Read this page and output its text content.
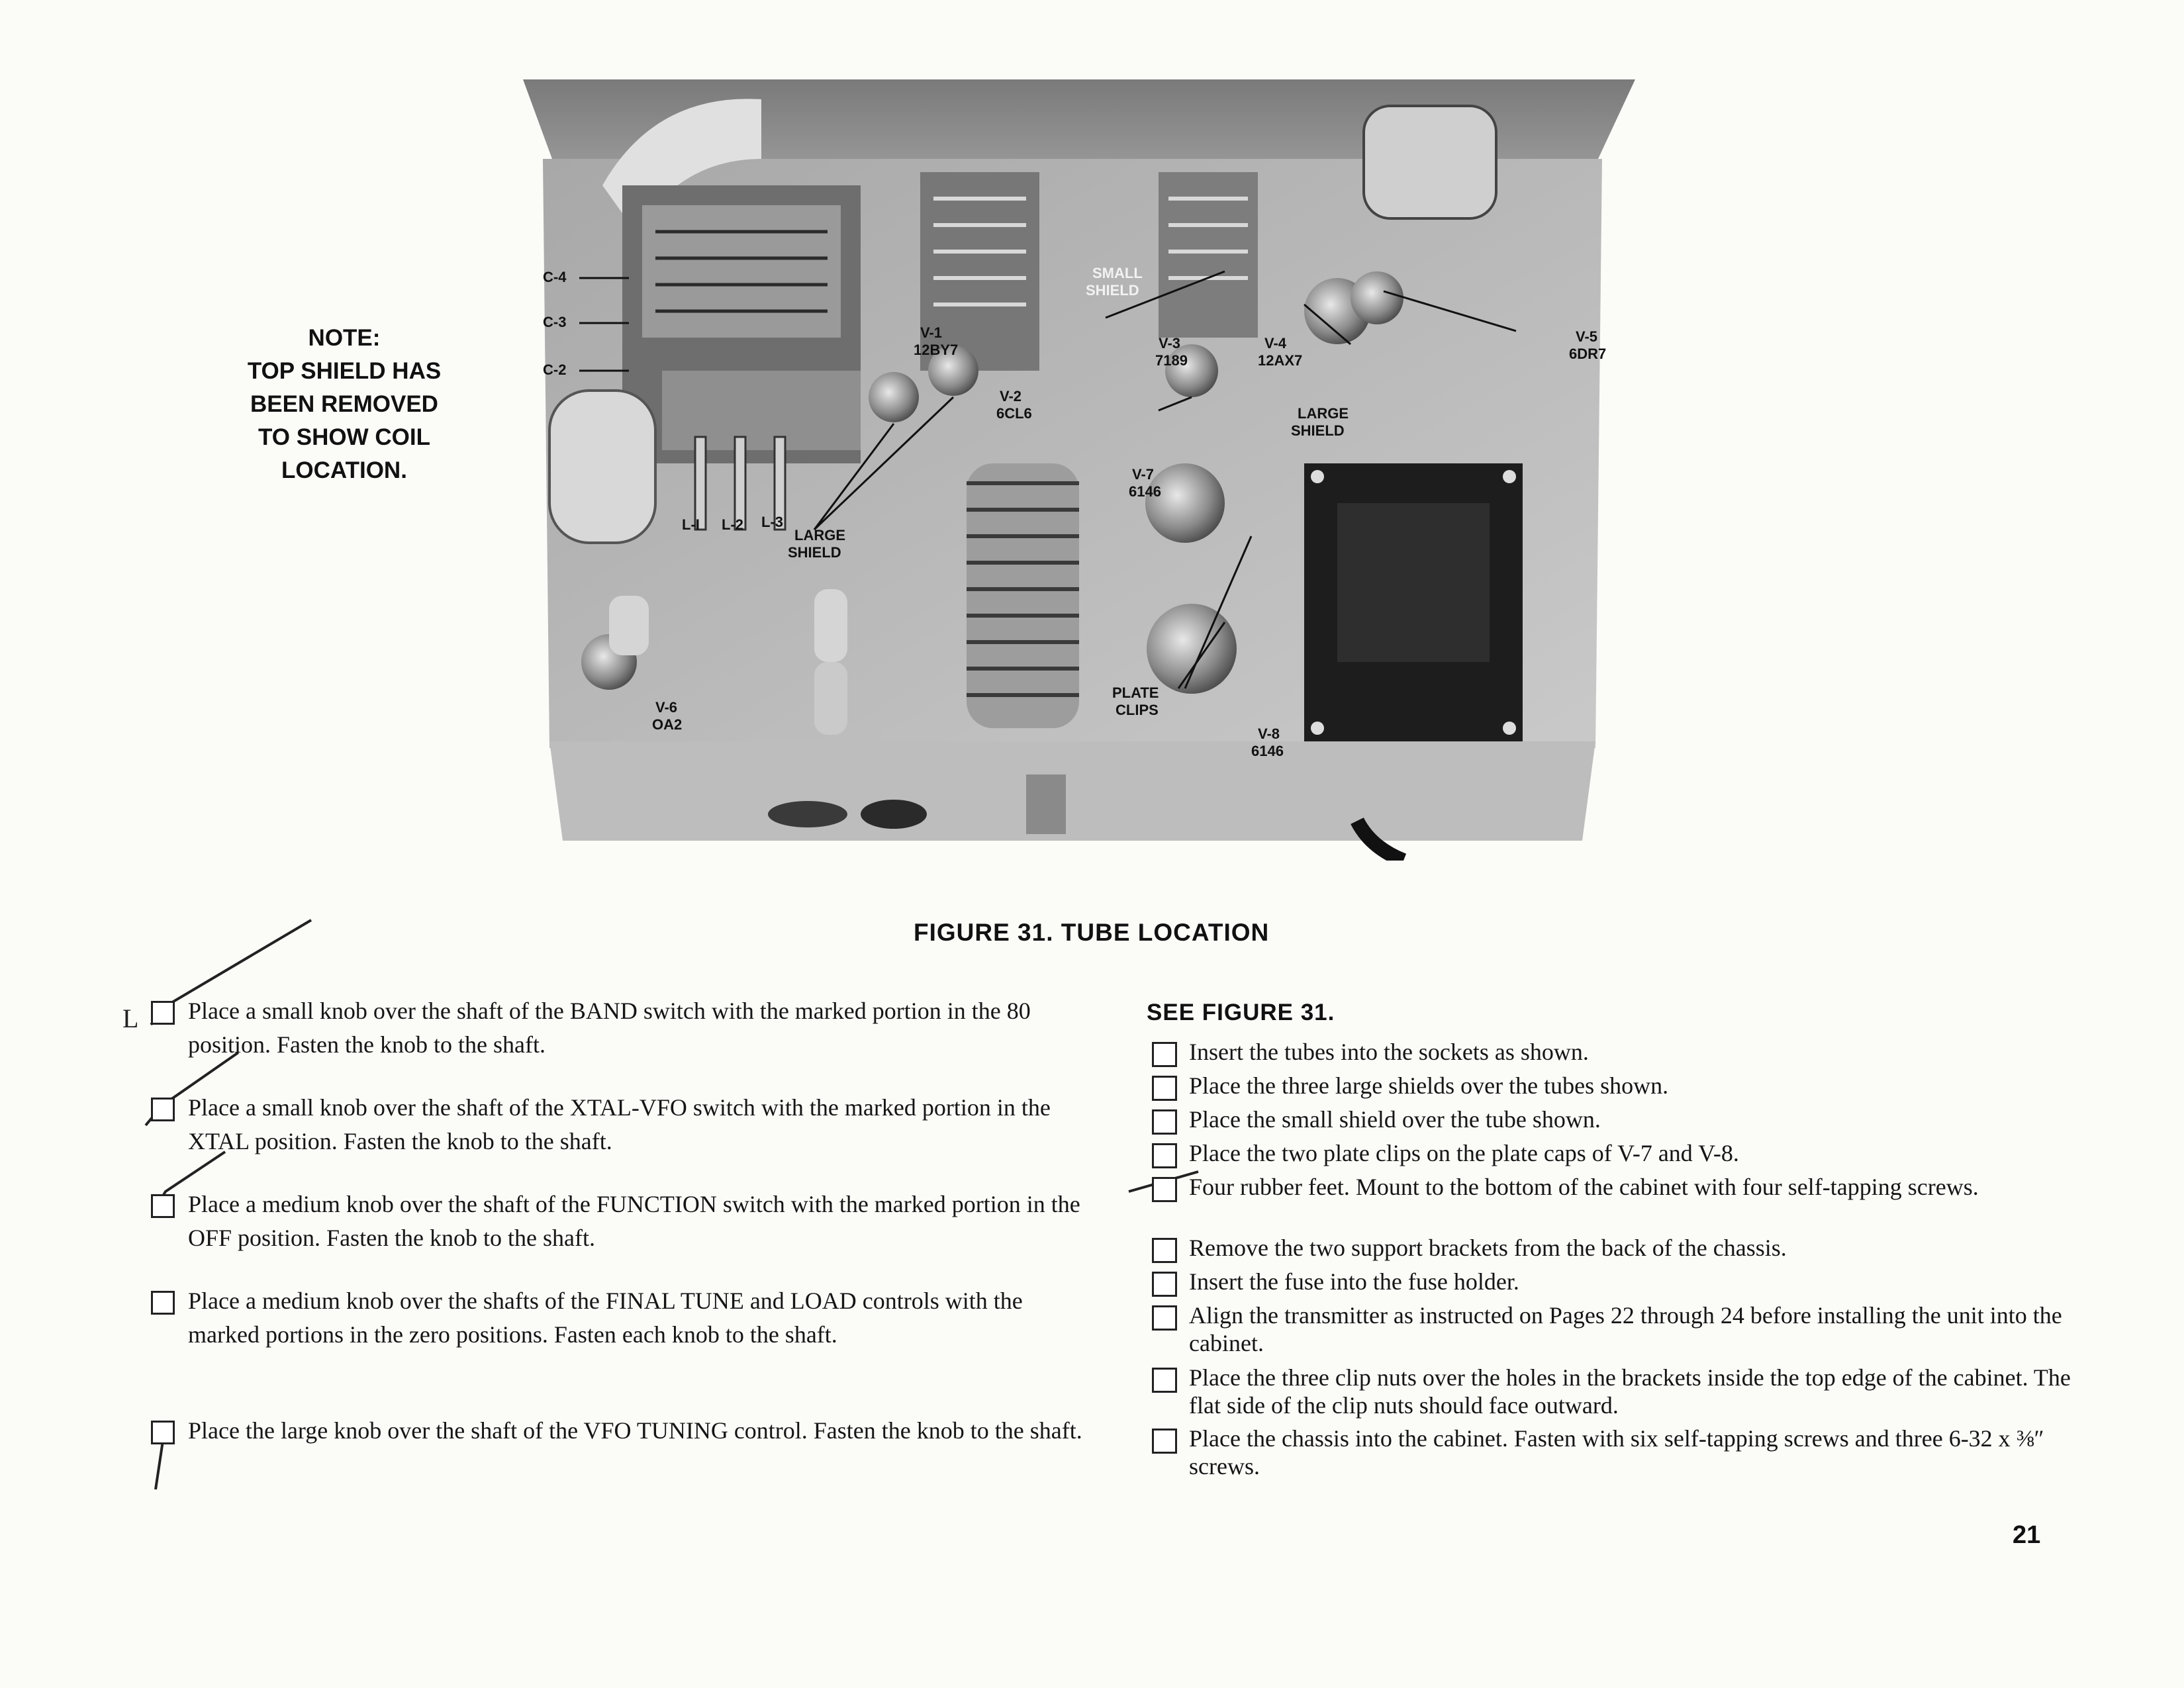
C-4
C-3
C-2
V-1
12BY7
V-2
6CL6
SMALL
SHIELD
V-3
7189
V-4
12AX7
V-5
6DR7
LARGE
SHIELD
V-7
6146
L-I L-2 L-3
LARGE
SHIELD
V-6
OA2
PLATE
CLIPS
V-8
6146
NOTE:
TOP SHIELD HAS
BEEN REMOVED
TO SHOW COIL
LOCATION.
FIGURE 31. TUBE LOCATION
L	Place a small knob over the shaft of the BAND switch with the marked portion in the 80 position. Fasten the knob to the shaft.
Place a small knob over the shaft of the XTAL-VFO switch with the marked portion in the XTAL position. Fasten the knob to the shaft.
Place a medium knob over the shaft of the FUNCTION switch with the marked portion in the OFF position. Fasten the knob to the shaft.
Place a medium knob over the shafts of the FINAL TUNE and LOAD controls with the marked portions in the zero positions. Fasten each knob to the shaft.
Place the large knob over the shaft of the VFO TUNING control. Fasten the knob to the shaft.
SEE FIGURE 31.
Insert the tubes into the sockets as shown.
Place the three large shields over the tubes shown.
Place the small shield over the tube shown.
Place the two plate clips on the plate caps of V-7 and V-8.
Four rubber feet. Mount to the bottom of the cabinet with four self-tapping screws.
Remove the two support brackets from the back of the chassis.
Insert the fuse into the fuse holder.
Align the transmitter as instructed on Pages 22 through 24 before installing the unit into the cabinet.
Place the three clip nuts over the holes in the brackets inside the top edge of the cabinet. The flat side of the clip nuts should face outward.
Place the chassis into the cabinet. Fasten with six self-tapping screws and three 6-32 x ⅜″ screws.
21
